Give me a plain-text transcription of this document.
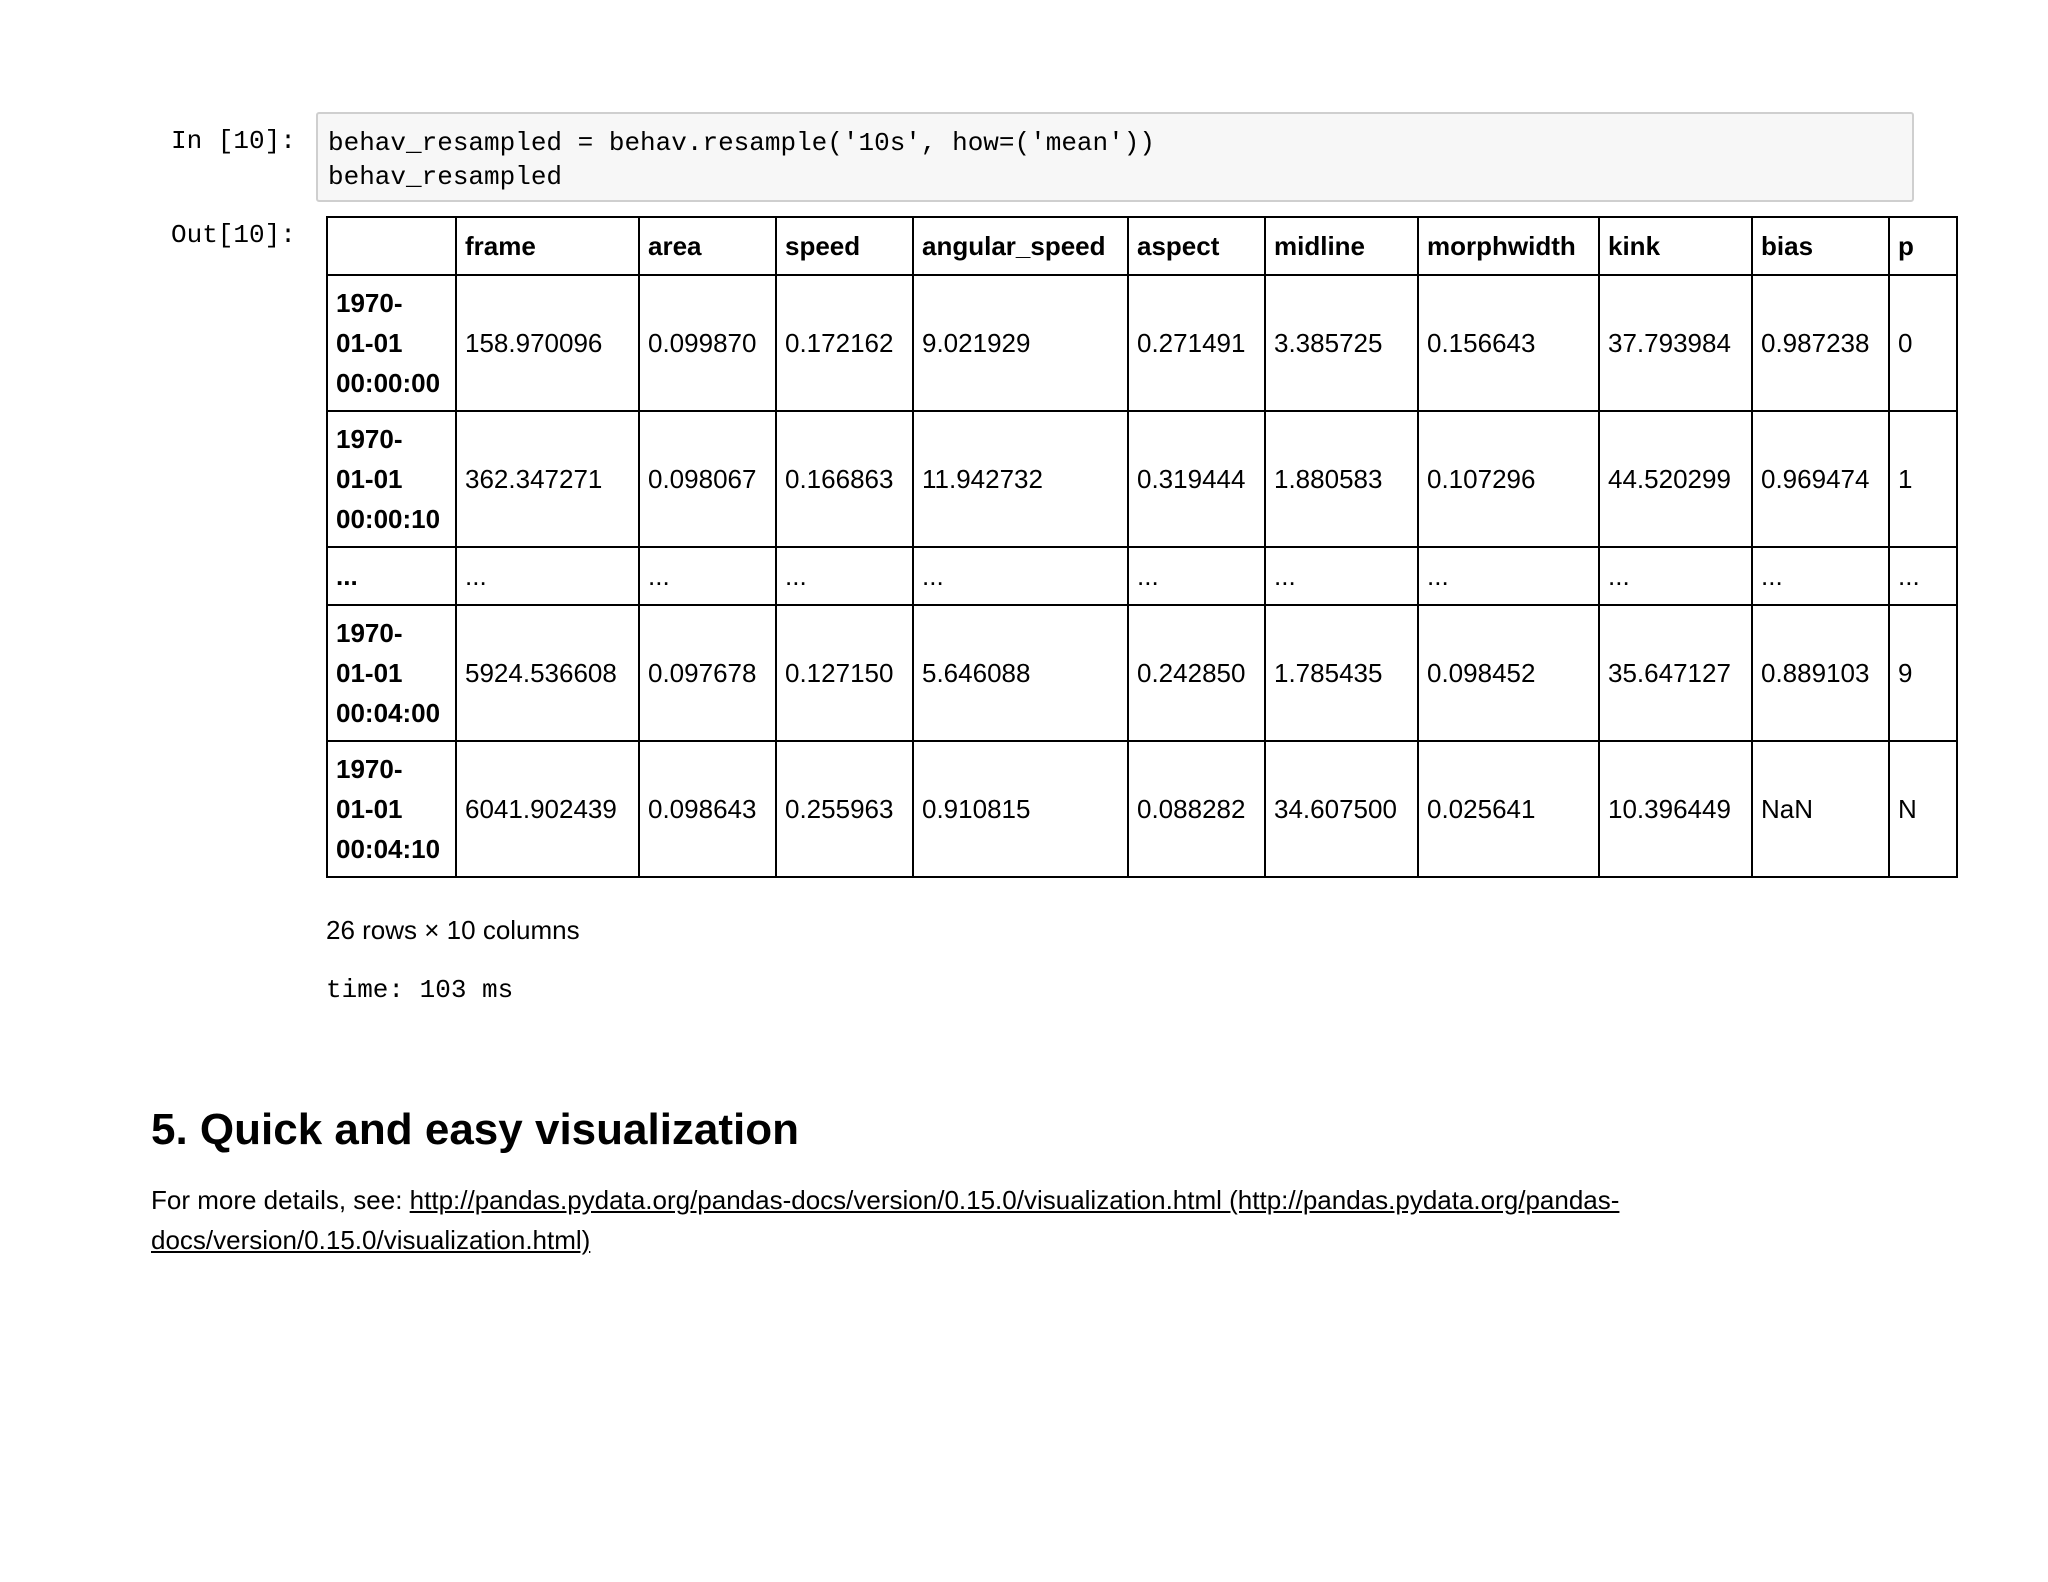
In [10]: behav_resampled = behav.resample('10s', how=('mean'))
behav_resampled
Out[10]:
		frame	area	speed	angular_speed	aspect	midline	morphwidth	kink	bias	p

1970-
01-01
00:00:00	158.970096	0.099870	0.172162	9.021929	0.271491	3.385725	0.156643	37.793984	0.987238	0

1970-
01-01
00:00:10	362.347271	0.098067	0.166863	11.942732	0.319444	1.880583	0.107296	44.520299	0.969474	1

...	...	...	...	...	...	...	...	...	...	...

1970-
01-01
00:04:00	5924.536608	0.097678	0.127150	5.646088	0.242850	1.785435	0.098452	35.647127	0.889103	9

1970-
01-01
00:04:10	6041.902439	0.098643	0.255963	0.910815	0.088282	34.607500	0.025641	10.396449	NaN	N
26 rows × 10 columns
time: 103 ms
5. Quick and easy visualization

For more details, see: http://pandas.pydata.org/pandas-docs/version/0.15.0/visualization.html (http://pandas.pydata.org/pandas-docs/version/0.15.0/visualization.html)
